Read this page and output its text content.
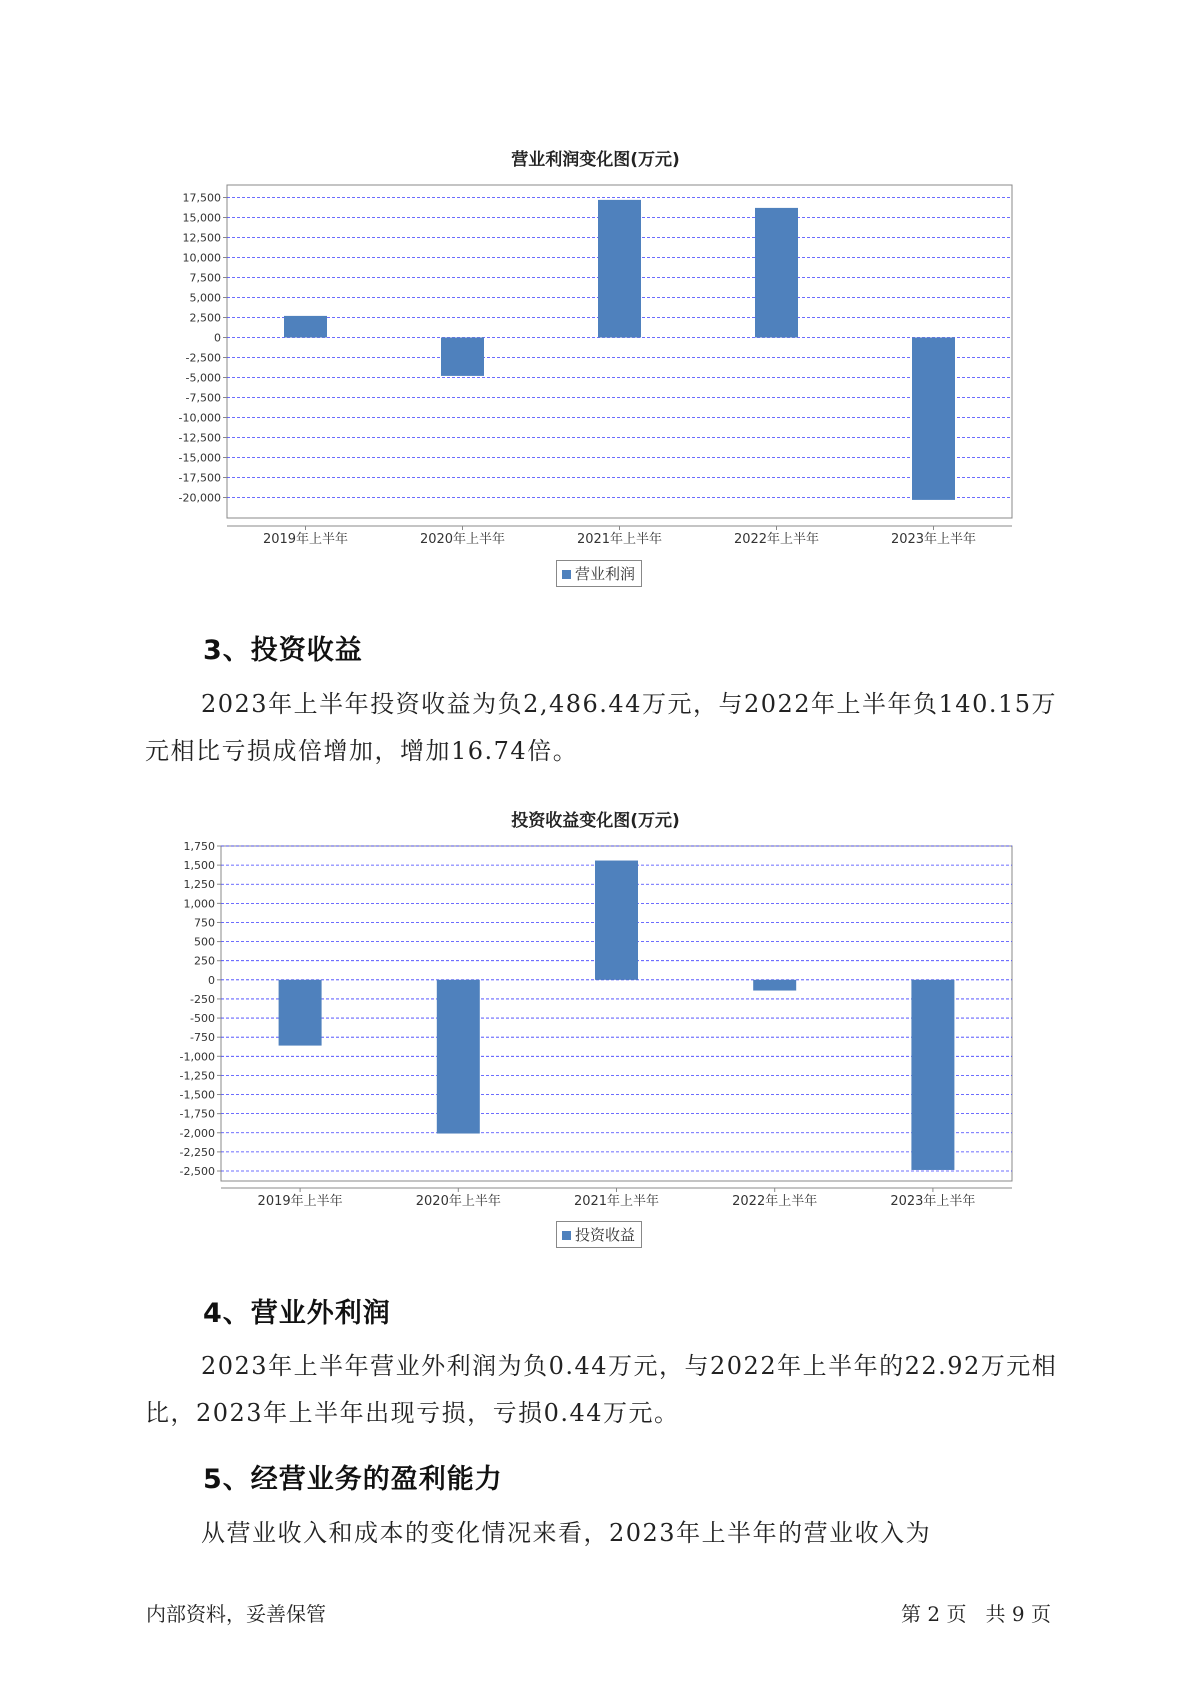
营业利润变化图(万元)
17,500
15,000
12,500
10,000
7,500
5,000
2,500
0
-2,500
-5,000
-7,500
-10,000
-12,500
-15,000
-17,500
-20,000
2019年上半年	2020年上半年	2021年上半年	2022年上半年	2023年上半年
营业利润
3、投资收益

2023年上半年投资收益为负2,486.44万元，与2022年上半年负140.15万元相比亏损成倍增加，增加16.74倍。

投资收益变化图(万元)
1,750
1,500
1,250
1,000
750
500
250
0
-250
-500
-750
-1,000
-1,250
-1,500
-1,750
-2,000
-2,250
-2,500
2019年上半年	2020年上半年	2021年上半年	2022年上半年	2023年上半年
投资收益
4、营业外利润

2023年上半年营业外利润为负0.44万元，与2022年上半年的22.92万元相比，2023年上半年出现亏损，亏损0.44万元。

5、经营业务的盈利能力

从营业收入和成本的变化情况来看，2023年上半年的营业收入为

内部资料，妥善保管	第 2 页   共 9 页
